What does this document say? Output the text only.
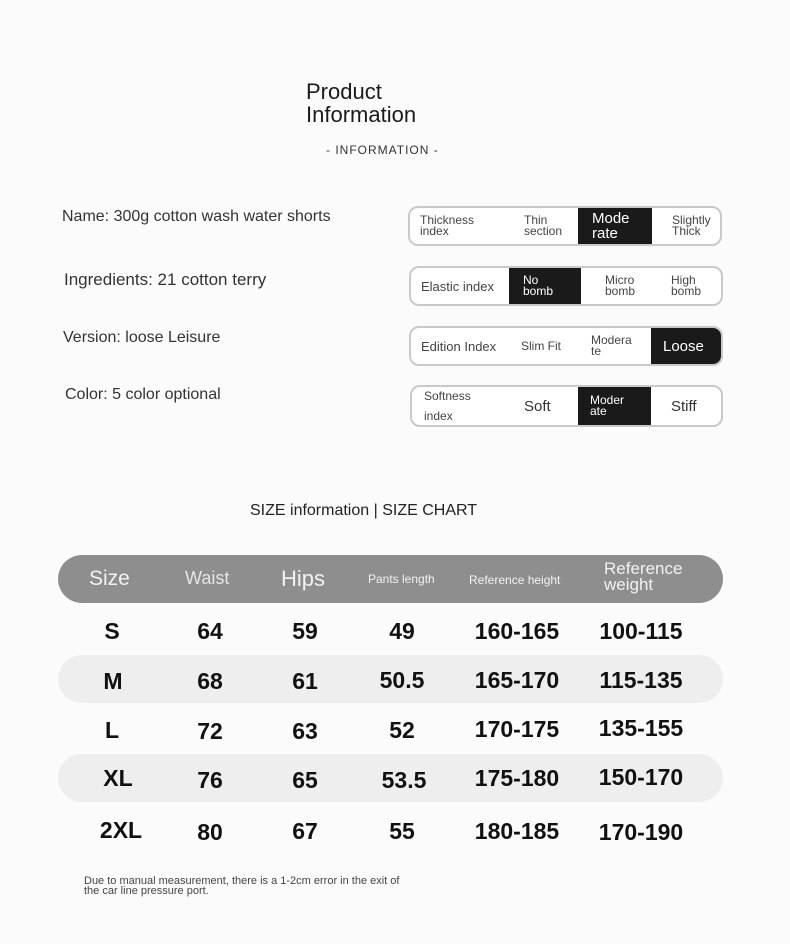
Product
Information
- INFORMATION -
Name: 300g cotton wash water shorts
Ingredients: 21 cotton terry
Version: loose Leisure
Color: 5 color optional
Thickness
index
Thin
section
Mode
rate
Slightly
Thick
Elastic index	No
bomb
Micro
bomb
High
bomb
Edition Index	Slim Fit	Modera
te	Loose
Softness
index
Soft	Moder
ate	Stiff
SIZE information | SIZE CHART
Size	Waist Hips	Pants length	Reference height
Reference
weight
S	64	59	49	160-165	100-115
M	68	61	50.5	165-170	115-135
L	72	63	52	170-175	135-155
XL	76	65	53.5	175-180	150-170
2XL	80	67	55	180-185	170-190
Due to manual measurement, there is a 1-2cm error in the exit of
the car line pressure port.
